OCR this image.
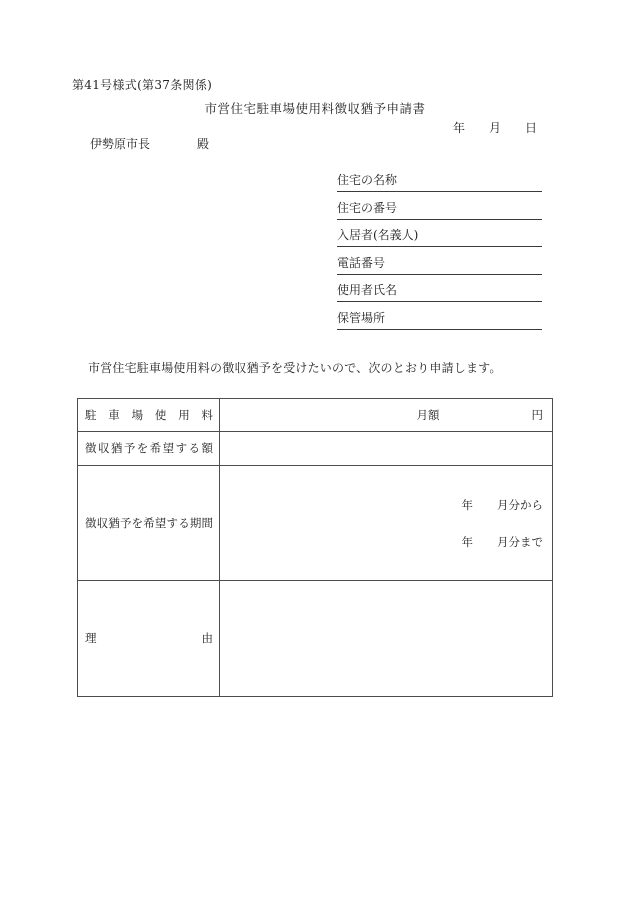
第41号様式(第37条関係)
市営住宅駐車場使用料徴収猶予申請書
年 月 日
伊勢原市長	殿
住宅の名称
住宅の番号
入居者(名義人)
電話番号
使用者氏名
保管場所
市営住宅駐車場使用料の徴収猶予を受けたいので、次のとおり申請します。
駐車場使用料	月額 円

徴収猶予を希望する額	

徴収猶予を希望する期間	年 月分から
年 月分まで

理由	
